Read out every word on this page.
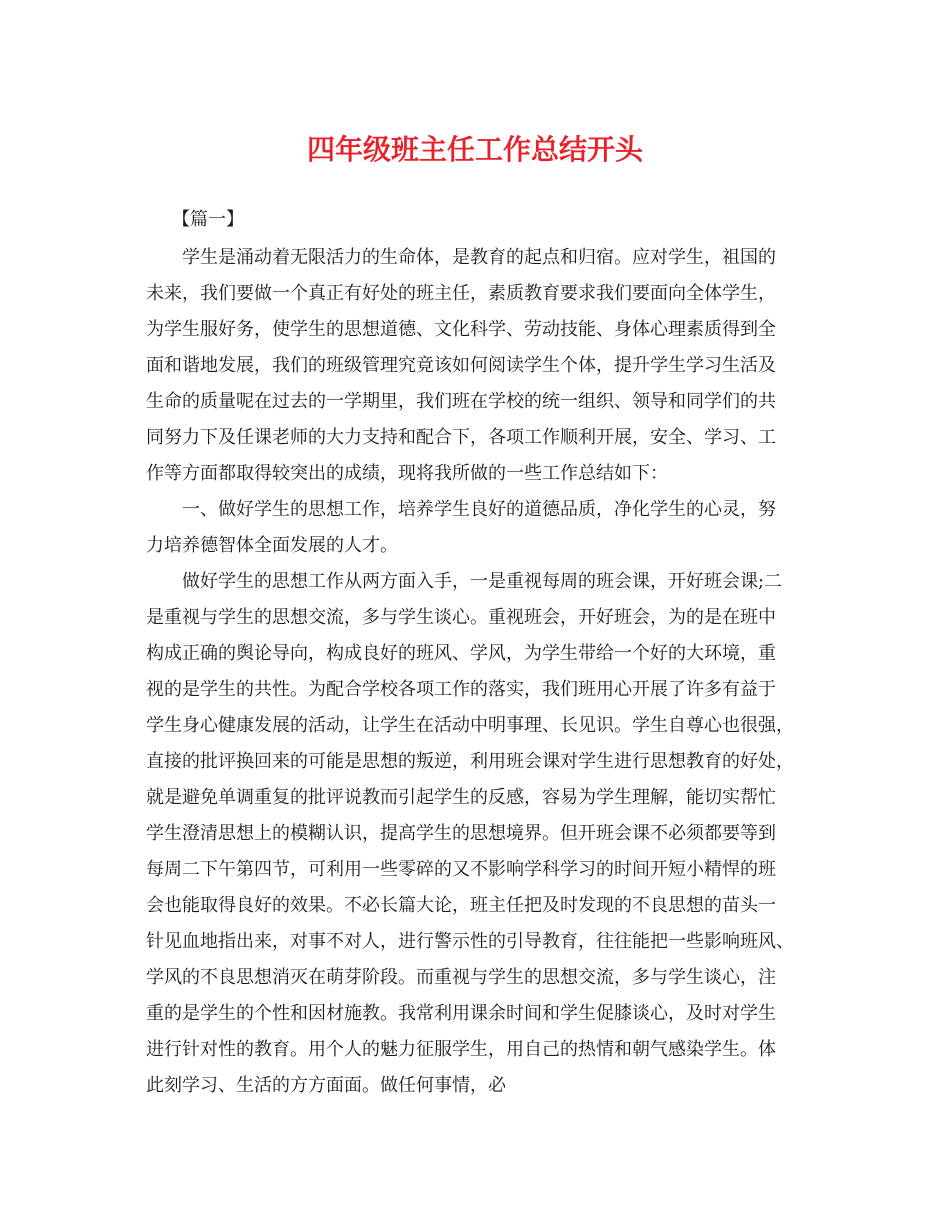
四年级班主任工作总结开头

【篇一】

学生是涌动着无限活力的生命体，是教育的起点和归宿。应对学生，祖国的

未来，我们要做一个真正有好处的班主任，素质教育要求我们要面向全体学生，

为学生服好务，使学生的思想道德、文化科学、劳动技能、身体心理素质得到全

面和谐地发展，我们的班级管理究竟该如何阅读学生个体，提升学生学习生活及

生命的质量呢在过去的一学期里，我们班在学校的统一组织、领导和同学们的共

同努力下及任课老师的大力支持和配合下，各项工作顺利开展，安全、学习、工

作等方面都取得较突出的成绩，现将我所做的一些工作总结如下：

一、做好学生的思想工作，培养学生良好的道德品质，净化学生的心灵，努

力培养德智体全面发展的人才。

做好学生的思想工作从两方面入手，一是重视每周的班会课，开好班会课;二

是重视与学生的思想交流，多与学生谈心。重视班会，开好班会，为的是在班中

构成正确的舆论导向，构成良好的班风、学风，为学生带给一个好的大环境，重

视的是学生的共性。为配合学校各项工作的落实，我们班用心开展了许多有益于

学生身心健康发展的活动，让学生在活动中明事理、长见识。学生自尊心也很强，

直接的批评换回来的可能是思想的叛逆，利用班会课对学生进行思想教育的好处，

就是避免单调重复的批评说教而引起学生的反感，容易为学生理解，能切实帮忙

学生澄清思想上的模糊认识，提高学生的思想境界。但开班会课不必须都要等到

每周二下午第四节，可利用一些零碎的又不影响学科学习的时间开短小精悍的班

会也能取得良好的效果。不必长篇大论，班主任把及时发现的不良思想的苗头一

针见血地指出来，对事不对人，进行警示性的引导教育，往往能把一些影响班风、

学风的不良思想消灭在萌芽阶段。而重视与学生的思想交流，多与学生谈心，注

重的是学生的个性和因材施教。我常利用课余时间和学生促膝谈心，及时对学生

进行针对性的教育。用个人的魅力征服学生，用自己的热情和朝气感染学生。体

此刻学习、生活的方方面面。做任何事情，必
